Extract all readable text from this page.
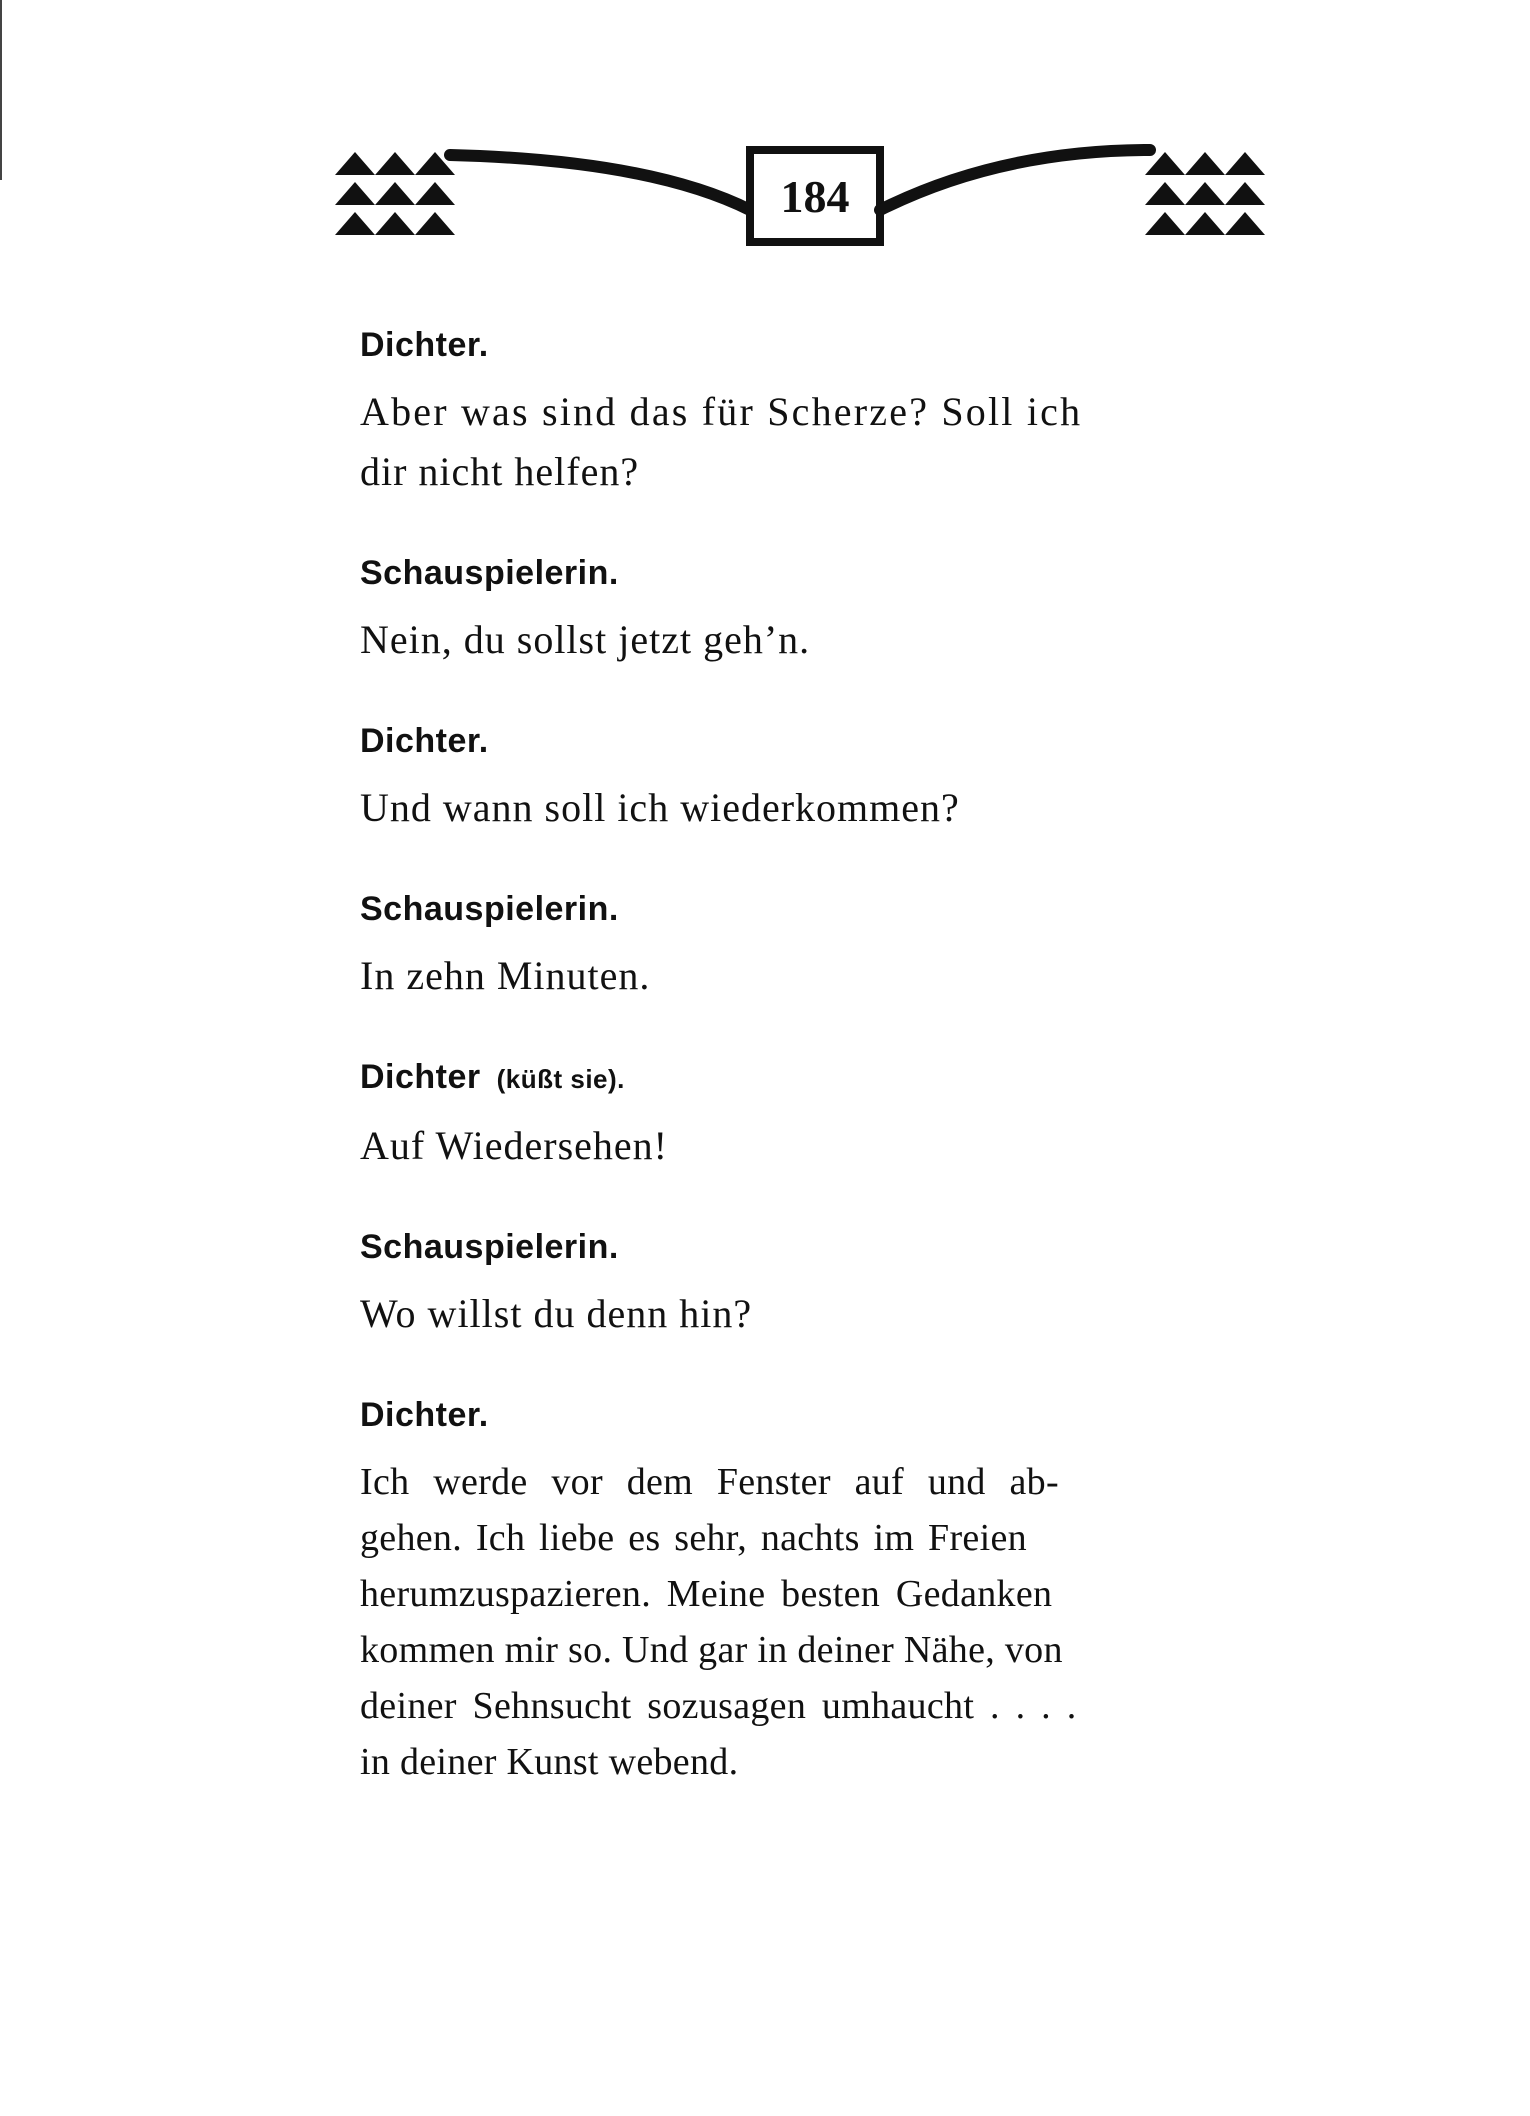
184

Dichter.

Aber was sind das für Scherze? Soll ich

dir nicht helfen?

Schauspielerin.

Nein, du sollst jetzt geh’n.

Dichter.

Und wann soll ich wiederkommen?

Schauspielerin.

In zehn Minuten.

Dichter (küßt sie).

Auf Wiedersehen!

Schauspielerin.

Wo willst du denn hin?

Dichter.

Ich werde vor dem Fenster auf und ab-
gehen. Ich liebe es sehr, nachts im Freien
herumzuspazieren. Meine besten Gedanken
kommen mir so. Und gar in deiner Nähe, von
deiner Sehnsucht sozusagen umhaucht . . . .
in deiner Kunst webend.
